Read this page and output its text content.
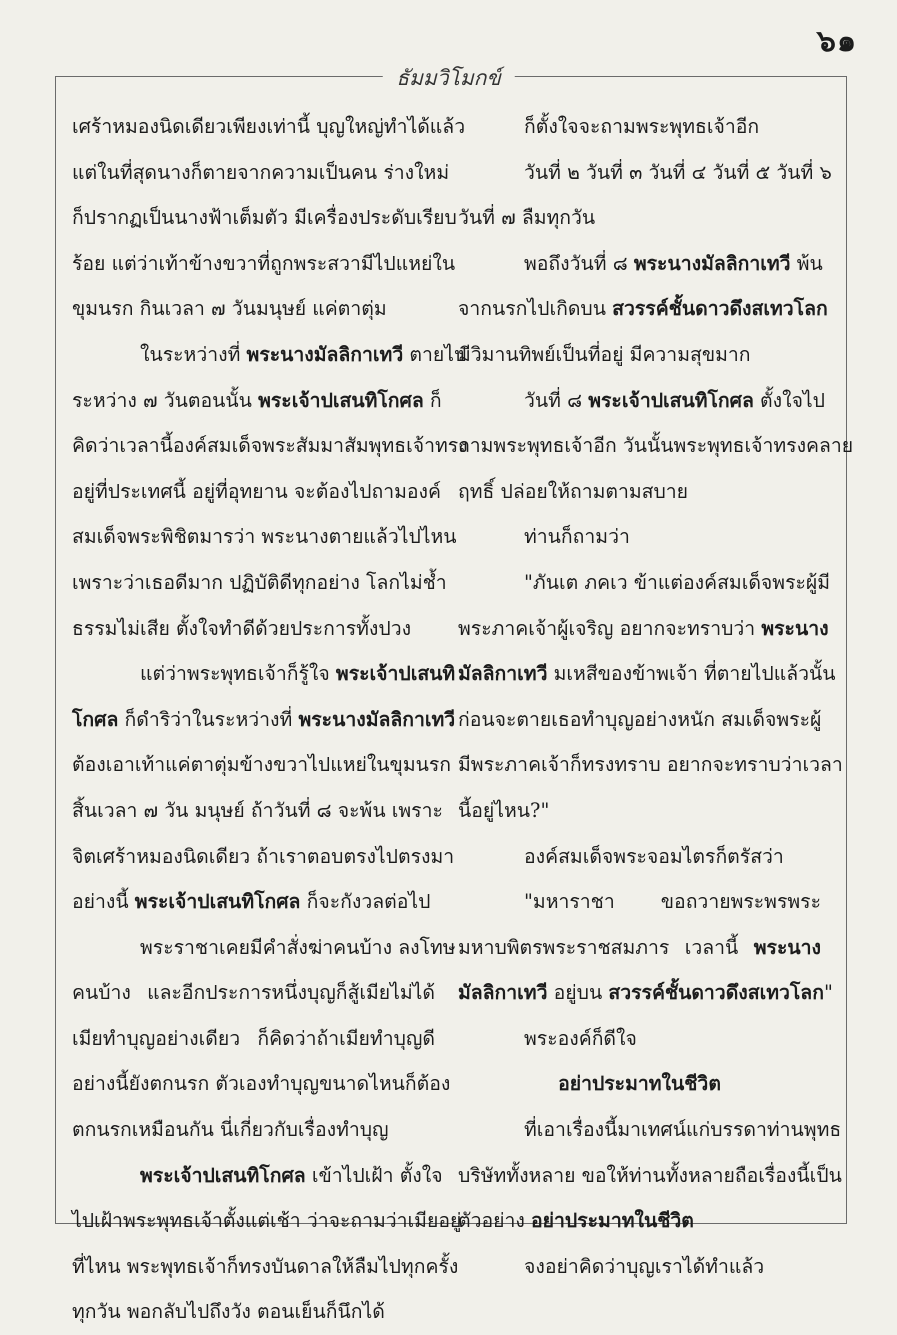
๖๑
ธัมมวิโมกข์
เศร้าหมองนิดเดียวเพียงเท่านี้ บุญใหญ่ทำได้แล้ว
แต่ในที่สุดนางก็ตายจากความเป็นคน ร่างใหม่
ก็ปรากฏเป็นนางฟ้าเต็มตัว มีเครื่องประดับเรียบ
ร้อย แต่ว่าเท้าข้างขวาที่ถูกพระสวามีไปแหย่ใน
ขุมนรก กินเวลา ๗ วันมนุษย์ แค่ตาตุ่ม
ในระหว่างที่ พระนางมัลลิกาเทวี ตายไป
ระหว่าง ๗ วันตอนนั้น พระเจ้าปเสนทิโกศล ก็
คิดว่าเวลานี้องค์สมเด็จพระสัมมาสัมพุทธเจ้าทรง
อยู่ที่ประเทศนี้ อยู่ที่อุทยาน จะต้องไปถามองค์
สมเด็จพระพิชิตมารว่า พระนางตายแล้วไปไหน
เพราะว่าเธอดีมาก ปฏิบัติดีทุกอย่าง โลกไม่ช้ำ
ธรรมไม่เสีย ตั้งใจทำดีด้วยประการทั้งปวง
แต่ว่าพระพุทธเจ้าก็รู้ใจ พระเจ้าปเสนทิ
โกศล ก็ดำริว่าในระหว่างที่ พระนางมัลลิกาเทวี
ต้องเอาเท้าแค่ตาตุ่มข้างขวาไปแหย่ในขุมนรก
สิ้นเวลา ๗ วัน มนุษย์ ถ้าวันที่ ๘ จะพ้น เพราะ
จิตเศร้าหมองนิดเดียว ถ้าเราตอบตรงไปตรงมา
อย่างนี้ พระเจ้าปเสนทิโกศล ก็จะกังวลต่อไป
พระราชาเคยมีคำสั่งฆ่าคนบ้าง ลงโทษ
คนบ้าง และอีกประการหนึ่งบุญก็สู้เมียไม่ได้
เมียทำบุญอย่างเดียว ก็คิดว่าถ้าเมียทำบุญดี
อย่างนี้ยังตกนรก ตัวเองทำบุญขนาดไหนก็ต้อง
ตกนรกเหมือนกัน นี่เกี่ยวกับเรื่องทำบุญ
พระเจ้าปเสนทิโกศล เข้าไปเฝ้า ตั้งใจ
ไปเฝ้าพระพุทธเจ้าตั้งแต่เช้า ว่าจะถามว่าเมียอยู่
ที่ไหน พระพุทธเจ้าก็ทรงบันดาลให้ลืมไปทุกครั้ง
ทุกวัน พอกลับไปถึงวัง ตอนเย็นก็นึกได้
ก็ตั้งใจจะถามพระพุทธเจ้าอีก
วันที่ ๒ วันที่ ๓ วันที่ ๔ วันที่ ๕ วันที่ ๖
วันที่ ๗ ลืมทุกวัน
พอถึงวันที่ ๘ พระนางมัลลิกาเทวี พ้น
จากนรกไปเกิดบน สวรรค์ชั้นดาวดึงสเทวโลก
มีวิมานทิพย์เป็นที่อยู่ มีความสุขมาก
วันที่ ๘ พระเจ้าปเสนทิโกศล ตั้งใจไป
ถามพระพุทธเจ้าอีก วันนั้นพระพุทธเจ้าทรงคลาย
ฤทธิ์ ปล่อยให้ถามตามสบาย
ท่านก็ถามว่า
"ภันเต ภคเว ข้าแต่องค์สมเด็จพระผู้มี
พระภาคเจ้าผู้เจริญ อยากจะทราบว่า พระนาง
มัลลิกาเทวี มเหสีของข้าพเจ้า ที่ตายไปแล้วนั้น
ก่อนจะตายเธอทำบุญอย่างหนัก สมเด็จพระผู้
มีพระภาคเจ้าก็ทรงทราบ อยากจะทราบว่าเวลา
นี้อยู่ไหน?"
องค์สมเด็จพระจอมไตรก็ตรัสว่า
"มหาราชา ขอถวายพระพรพระ
มหาบพิตรพระราชสมภาร เวลานี้ พระนาง
มัลลิกาเทวี อยู่บน สวรรค์ชั้นดาวดึงสเทวโลก"
พระองค์ก็ดีใจ
อย่าประมาทในชีวิต
ที่เอาเรื่องนี้มาเทศน์แก่บรรดาท่านพุทธ
บริษัททั้งหลาย ขอให้ท่านทั้งหลายถือเรื่องนี้เป็น
ตัวอย่าง อย่าประมาทในชีวิต
จงอย่าคิดว่าบุญเราได้ทำแล้ว
